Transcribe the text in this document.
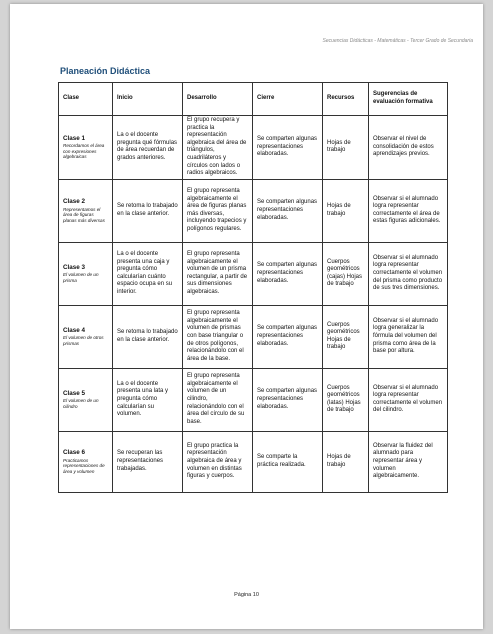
Secuencias Didácticas - Matemáticas - Tercer Grado de Secundaria
Planeación Didáctica
Clase	Inicio	Desarrollo	Cierre	Recursos	Sugerencias de evaluación formativa
Clase 1
Recordamos el área con expresiones algebraicas	La o el docente pregunta qué fórmulas de área recuerdan de grados anteriores.	El grupo recupera y practica la representación algebraica del área de triángulos, cuadriláteros y círculos con lados o radios algebraicos.	Se comparten algunas representaciones elaboradas.	Hojas de trabajo	Observar el nivel de consolidación de estos aprendizajes previos.
Clase 2
Representamos el área de figuras planas más diversas	Se retoma lo trabajado en la clase anterior.	El grupo representa algebraicamente el área de figuras planas más diversas, incluyendo trapecios y polígonos regulares.	Se comparten algunas representaciones elaboradas.	Hojas de trabajo	Observar si el alumnado logra representar correctamente el área de estas figuras adicionales.
Clase 3
El volumen de un prisma	La o el docente presenta una caja y pregunta cómo calcularían cuánto espacio ocupa en su interior.	El grupo representa algebraicamente el volumen de un prisma rectangular, a partir de sus dimensiones algebraicas.	Se comparten algunas representaciones elaboradas.	Cuerpos geométricos (cajas) Hojas de trabajo	Observar si el alumnado logra representar correctamente el volumen del prisma como producto de sus tres dimensiones.
Clase 4
El volumen de otros prismas	Se retoma lo trabajado en la clase anterior.	El grupo representa algebraicamente el volumen de prismas con base triangular o de otros polígonos, relacionándolo con el área de la base.	Se comparten algunas representaciones elaboradas.	Cuerpos geométricos Hojas de trabajo	Observar si el alumnado logra generalizar la fórmula del volumen del prisma como área de la base por altura.
Clase 5
El volumen de un cilindro	La o el docente presenta una lata y pregunta cómo calcularían su volumen.	El grupo representa algebraicamente el volumen de un cilindro, relacionándolo con el área del círculo de su base.	Se comparten algunas representaciones elaboradas.	Cuerpos geométricos (latas) Hojas de trabajo	Observar si el alumnado logra representar correctamente el volumen del cilindro.
Clase 6
Practicamos representaciones de área y volumen	Se recuperan las representaciones trabajadas.	El grupo practica la representación algebraica de área y volumen en distintas figuras y cuerpos.	Se comparte la práctica realizada.	Hojas de trabajo	Observar la fluidez del alumnado para representar área y volumen algebraicamente.
Página 10
